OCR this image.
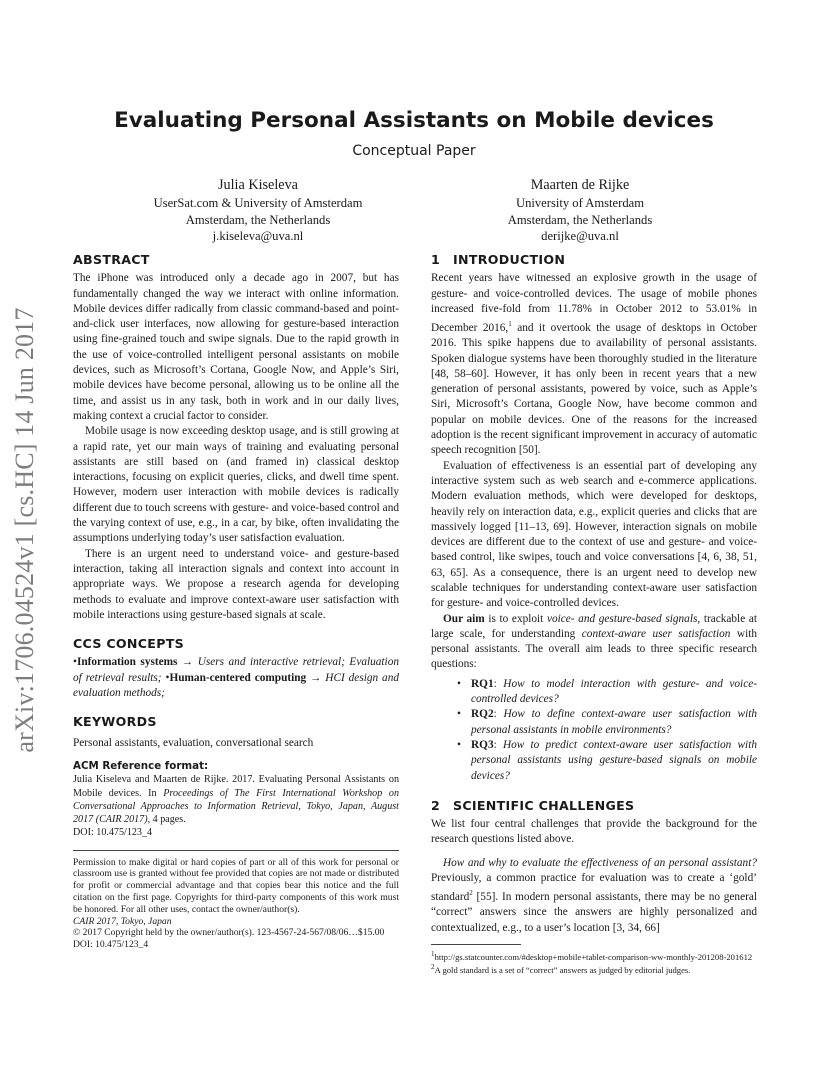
arXiv:1706.04524v1 [cs.HC] 14 Jun 2017
Evaluating Personal Assistants on Mobile devices
Conceptual Paper
Julia Kiseleva
UserSat.com & University of Amsterdam
Amsterdam, the Netherlands
j.kiseleva@uva.nl
Maarten de Rijke
University of Amsterdam
Amsterdam, the Netherlands
derijke@uva.nl
ABSTRACT

The iPhone was introduced only a decade ago in 2007, but has fundamentally changed the way we interact with online information. Mobile devices differ radically from classic command-based and point-and-click user interfaces, now allowing for gesture-based interaction using fine-grained touch and swipe signals. Due to the rapid growth in the use of voice-controlled intelligent personal assistants on mobile devices, such as Microsoft’s Cortana, Google Now, and Apple’s Siri, mobile devices have become personal, allowing us to be online all the time, and assist us in any task, both in work and in our daily lives, making context a crucial factor to consider.

Mobile usage is now exceeding desktop usage, and is still growing at a rapid rate, yet our main ways of training and evaluating personal assistants are still based on (and framed in) classical desktop interactions, focusing on explicit queries, clicks, and dwell time spent. However, modern user interaction with mobile devices is radically different due to touch screens with gesture- and voice-based control and the varying context of use, e.g., in a car, by bike, often invalidating the assumptions underlying today’s user satisfaction evaluation.

There is an urgent need to understand voice- and gesture-based interaction, taking all interaction signals and context into account in appropriate ways. We propose a research agenda for developing methods to evaluate and improve context-aware user satisfaction with mobile interactions using gesture-based signals at scale.

CCS CONCEPTS

•Information systems → Users and interactive retrieval; Evaluation of retrieval results; •Human-centered computing → HCI design and evaluation methods;

KEYWORDS

Personal assistants, evaluation, conversational search

ACM Reference format:
Julia Kiseleva and Maarten de Rijke. 2017. Evaluating Personal Assistants on Mobile devices. In Proceedings of The First International Workshop on Conversational Approaches to Information Retrieval, Tokyo, Japan, August 2017 (CAIR 2017), 4 pages.
DOI: 10.475/123_4
Permission to make digital or hard copies of part or all of this work for personal or classroom use is granted without fee provided that copies are not made or distributed for profit or commercial advantage and that copies bear this notice and the full citation on the first page. Copyrights for third-party components of this work must be honored. For all other uses, contact the owner/author(s).
CAIR 2017, Tokyo, Japan
© 2017 Copyright held by the owner/author(s). 123-4567-24-567/08/06…$15.00
DOI: 10.475/123_4
1 INTRODUCTION

Recent years have witnessed an explosive growth in the usage of gesture- and voice-controlled devices. The usage of mobile phones increased five-fold from 11.78% in October 2012 to 53.01% in December 2016,$^1$ and it overtook the usage of desktops in October 2016. This spike happens due to availability of personal assistants. Spoken dialogue systems have been thoroughly studied in the literature [48, 58–60]. However, it has only been in recent years that a new generation of personal assistants, powered by voice, such as Apple’s Siri, Microsoft’s Cortana, Google Now, have become common and popular on mobile devices. One of the reasons for the increased adoption is the recent significant improvement in accuracy of automatic speech recognition [50].

Evaluation of effectiveness is an essential part of developing any interactive system such as web search and e-commerce applications. Modern evaluation methods, which were developed for desktops, heavily rely on interaction data, e.g., explicit queries and clicks that are massively logged [11–13, 69]. However, interaction signals on mobile devices are different due to the context of use and gesture- and voice-based control, like swipes, touch and voice conversations [4, 6, 38, 51, 63, 65]. As a consequence, there is an urgent need to develop new scalable techniques for understanding context-aware user satisfaction for gesture- and voice-controlled devices.

Our aim is to exploit voice- and gesture-based signals, trackable at large scale, for understanding context-aware user satisfaction with personal assistants. The overall aim leads to three specific research questions:

• RQ1: How to model interaction with gesture- and voice-controlled devices?
• RQ2: How to define context-aware user satisfaction with personal assistants in mobile environments?
• RQ3: How to predict context-aware user satisfaction with personal assistants using gesture-based signals on mobile devices?
2 SCIENTIFIC CHALLENGES

We list four central challenges that provide the background for the research questions listed above.

How and why to evaluate the effectiveness of an personal assistant? Previously, a common practice for evaluation was to create a ‘gold’ standard$^2$ [55]. In modern personal assistants, there may be no general “correct” answers since the answers are highly personalized and contextualized, e.g., to a user’s location [3, 34, 66]

$^1$http://gs.statcounter.com/#desktop+mobile+tablet-comparison-ww-monthly-201208-201612
$^2$A gold standard is a set of “correct” answers as judged by editorial judges.
